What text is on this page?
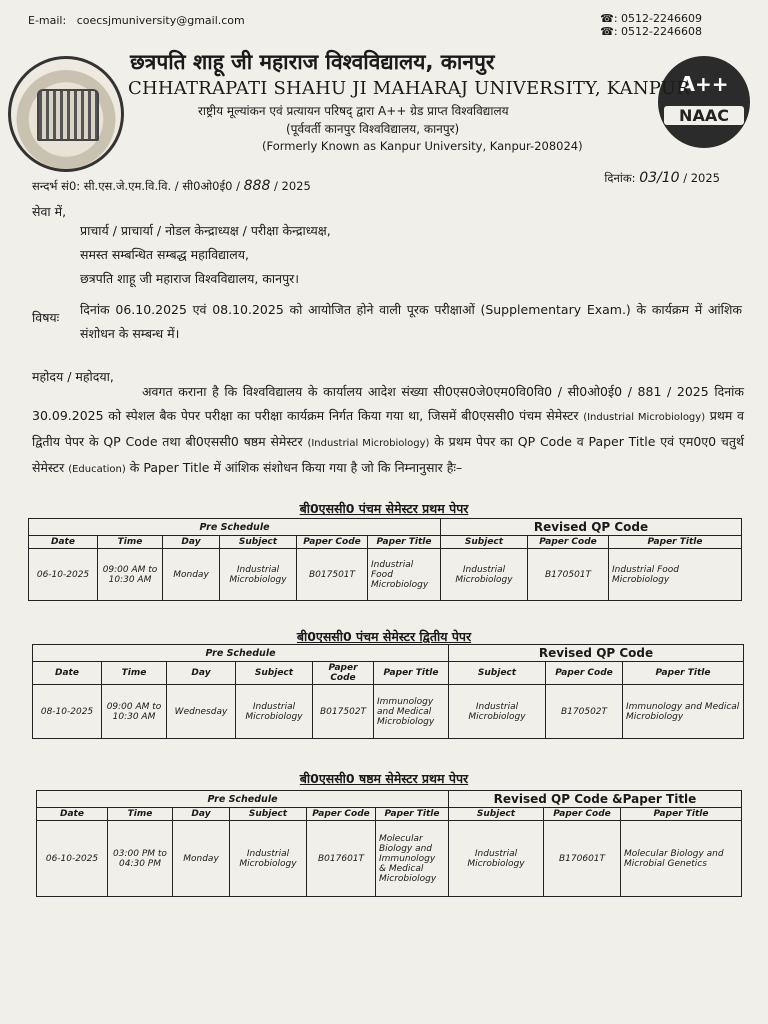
E-mail: coecsjmuniversity@gmail.com	☎: 0512-2246609
☎: 0512-2246608
A++
NAAC
छत्रपति शाहू जी महाराज विश्वविद्यालय, कानपुर
CHHATRAPATI SHAHU JI MAHARAJ UNIVERSITY, KANPUR
राष्ट्रीय मूल्यांकन एवं प्रत्यायन परिषद् द्वारा A++ ग्रेड प्राप्त विश्वविद्यालय
(पूर्ववर्ती कानपुर विश्वविद्यालय, कानपुर)
(Formerly Known as Kanpur University, Kanpur-208024)
सन्दर्भ सं0: सी.एस.जे.एम.वि.वि. / सी0ओ0ई0 / 888 / 2025
दिनांक: 03/10 / 2025
सेवा में,
प्राचार्य / प्राचार्या / नोडल केन्द्राध्यक्ष / परीक्षा केन्द्राध्यक्ष,
समस्त सम्बन्धित सम्बद्ध महाविद्यालय,
छत्रपति शाहू जी महाराज विश्वविद्यालय, कानपुर।
विषयः
दिनांक 06.10.2025 एवं 08.10.2025 को आयोजित होने वाली पूरक परीक्षाओं (Supplementary Exam.) के कार्यक्रम में आंशिक संशोधन के सम्बन्ध में।
महोदय / महोदया,
अवगत कराना है कि विश्वविद्यालय के कार्यालय आदेश संख्या सी0एस0जे0एम0वि0वि0 / सी0ओ0ई0 / 881 / 2025 दिनांक 30.09.2025 को स्पेशल बैक पेपर परीक्षा का परीक्षा कार्यक्रम निर्गत किया गया था, जिसमें बी0एससी0 पंचम सेमेस्टर (Industrial Microbiology) प्रथम व द्वितीय पेपर के QP Code तथा बी0एससी0 षष्ठम सेमेस्टर (Industrial Microbiology) के प्रथम पेपर का QP Code व Paper Title एवं एम0ए0 चतुर्थ सेमेस्टर (Education) के Paper Title में आंशिक संशोधन किया गया है जो कि निम्नानुसार हैः–
बी0एससी0 पंचम सेमेस्टर प्रथम पेपर
Pre Schedule						Revised QP Code		
Date	Time	Day	Subject	Paper Code	Paper Title	Subject	Paper Code	Paper Title
06-10-2025	09:00 AM to 10:30 AM	Monday	Industrial Microbiology	B017501T	Industrial Food Microbiology	Industrial Microbiology	B170501T	Industrial Food Microbiology
बी0एससी0 पंचम सेमेस्टर द्वितीय पेपर
Pre Schedule						Revised QP Code		
Date	Time	Day	Subject	Paper Code	Paper Title	Subject	Paper Code	Paper Title
08-10-2025	09:00 AM to 10:30 AM	Wednesday	Industrial Microbiology	B017502T	Immunology and Medical Microbiology	Industrial Microbiology	B170502T	Immunology and Medical Microbiology
बी0एससी0 षष्ठम सेमेस्टर प्रथम पेपर
Pre Schedule						Revised QP Code &Paper Title		
Date	Time	Day	Subject	Paper Code	Paper Title	Subject	Paper Code	Paper Title
06-10-2025	03:00 PM to 04:30 PM	Monday	Industrial Microbiology	B017601T	Molecular Biology and Immunology & Medical Microbiology	Industrial Microbiology	B170601T	Molecular Biology and Microbial Genetics
